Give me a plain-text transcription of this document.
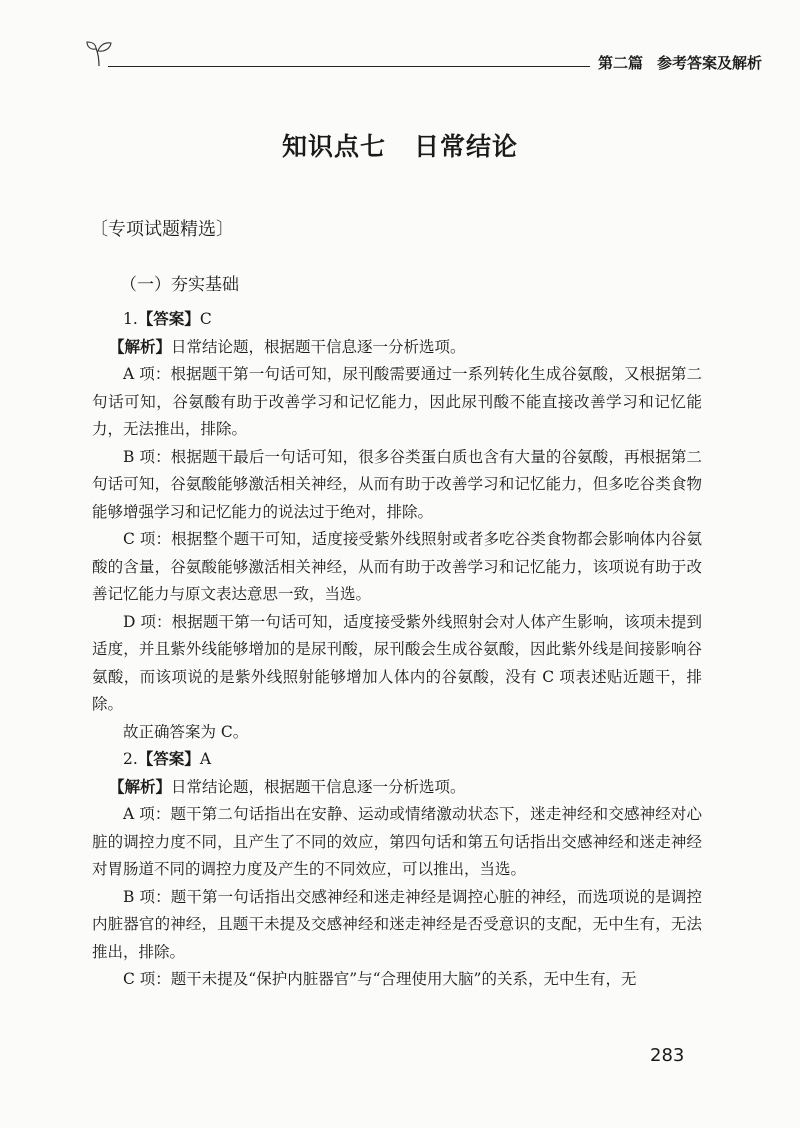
第二篇 参考答案及解析
知识点七 日常结论
〔专项试题精选〕
（一）夯实基础

1.【答案】C

【解析】日常结论题，根据题干信息逐一分析选项。

A 项：根据题干第一句话可知，尿刊酸需要通过一系列转化生成谷氨酸，又根据第二句话可知，谷氨酸有助于改善学习和记忆能力，因此尿刊酸不能直接改善学习和记忆能力，无法推出，排除。

B 项：根据题干最后一句话可知，很多谷类蛋白质也含有大量的谷氨酸，再根据第二句话可知，谷氨酸能够激活相关神经，从而有助于改善学习和记忆能力，但多吃谷类食物能够增强学习和记忆能力的说法过于绝对，排除。

C 项：根据整个题干可知，适度接受紫外线照射或者多吃谷类食物都会影响体内谷氨酸的含量，谷氨酸能够激活相关神经，从而有助于改善学习和记忆能力，该项说有助于改善记忆能力与原文表达意思一致，当选。

D 项：根据题干第一句话可知，适度接受紫外线照射会对人体产生影响，该项未提到适度，并且紫外线能够增加的是尿刊酸，尿刊酸会生成谷氨酸，因此紫外线是间接影响谷氨酸，而该项说的是紫外线照射能够增加人体内的谷氨酸，没有 C 项表述贴近题干，排除。

故正确答案为 C。

2.【答案】A

【解析】日常结论题，根据题干信息逐一分析选项。

A 项：题干第二句话指出在安静、运动或情绪激动状态下，迷走神经和交感神经对心脏的调控力度不同，且产生了不同的效应，第四句话和第五句话指出交感神经和迷走神经对胃肠道不同的调控力度及产生的不同效应，可以推出，当选。

B 项：题干第一句话指出交感神经和迷走神经是调控心脏的神经，而选项说的是调控内脏器官的神经，且题干未提及交感神经和迷走神经是否受意识的支配，无中生有，无法推出，排除。

C 项：题干未提及“保护内脏器官”与“合理使用大脑”的关系，无中生有，无

283
